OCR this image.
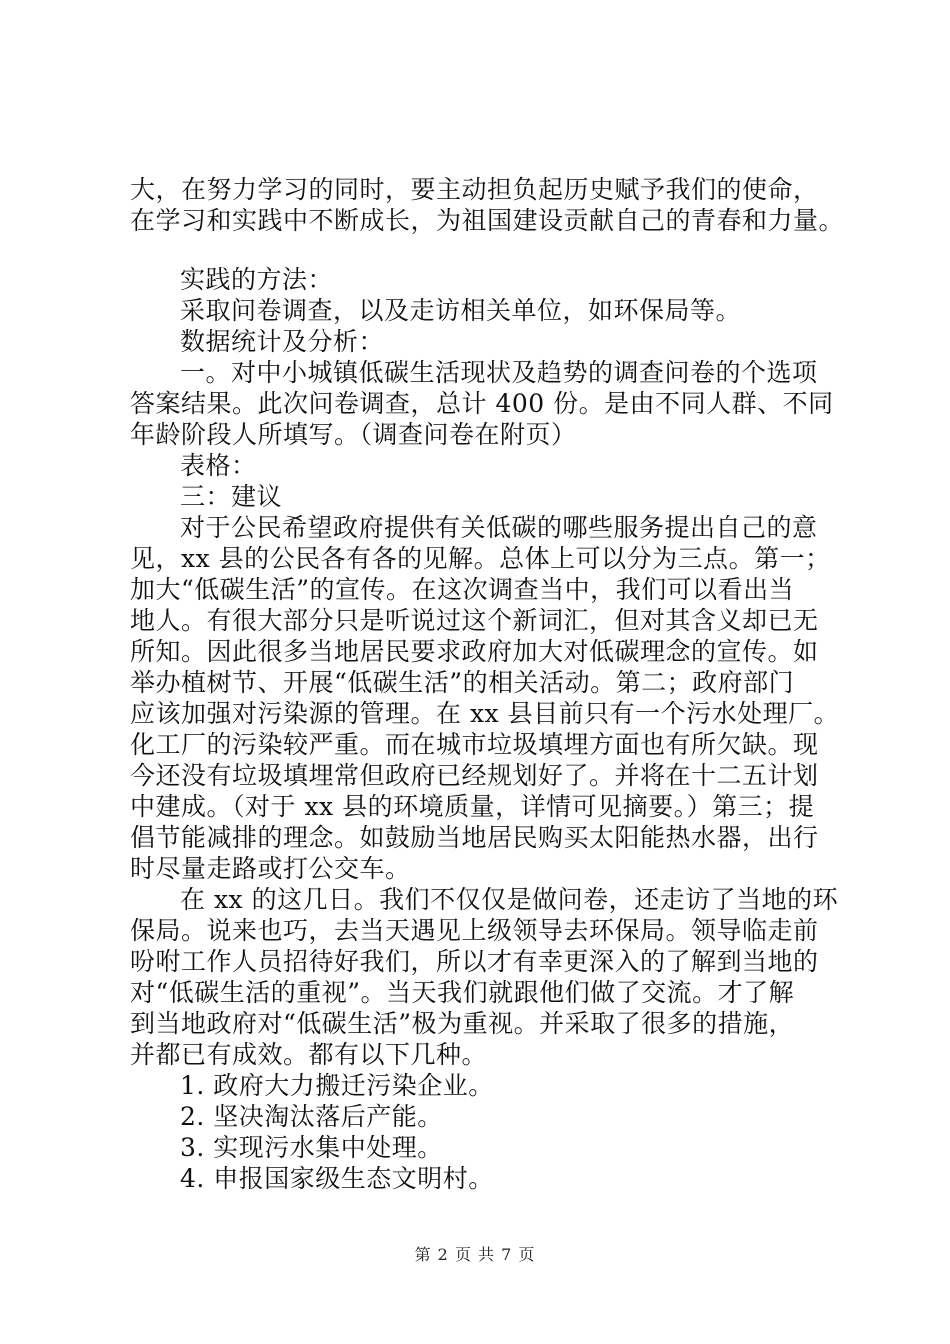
大，在努力学习的同时，要主动担负起历史赋予我们的使命，
在学习和实践中不断成长，为祖国建设贡献自己的青春和力量。
实践的方法：
采取问卷调查，以及走访相关单位，如环保局等。
数据统计及分析：
一。对中小城镇低碳生活现状及趋势的调查问卷的个选项
答案结果。此次问卷调查，总计 400 份。是由不同人群、不同
年龄阶段人所填写。（调查问卷在附页）
表格：
三：建议
对于公民希望政府提供有关低碳的哪些服务提出自己的意
见，xx 县的公民各有各的见解。总体上可以分为三点。第一；
加大“低碳生活”的宣传。在这次调查当中，我们可以看出当
地人。有很大部分只是听说过这个新词汇，但对其含义却已无
所知。因此很多当地居民要求政府加大对低碳理念的宣传。如
举办植树节、开展“低碳生活”的相关活动。第二；政府部门
应该加强对污染源的管理。在 xx 县目前只有一个污水处理厂。
化工厂的污染较严重。而在城市垃圾填埋方面也有所欠缺。现
今还没有垃圾填埋常但政府已经规划好了。并将在十二五计划
中建成。（对于 xx 县的环境质量，详情可见摘要。）第三；提
倡节能减排的理念。如鼓励当地居民购买太阳能热水器，出行
时尽量走路或打公交车。
在 xx 的这几日。我们不仅仅是做问卷，还走访了当地的环
保局。说来也巧，去当天遇见上级领导去环保局。领导临走前
吩咐工作人员招待好我们，所以才有幸更深入的了解到当地的
对“低碳生活的重视”。当天我们就跟他们做了交流。才了解
到当地政府对“低碳生活”极为重视。并采取了很多的措施，
并都已有成效。都有以下几种。
1. 政府大力搬迁污染企业。
2. 坚决淘汰落后产能。
3. 实现污水集中处理。
4. 申报国家级生态文明村。
第 2 页 共 7 页
